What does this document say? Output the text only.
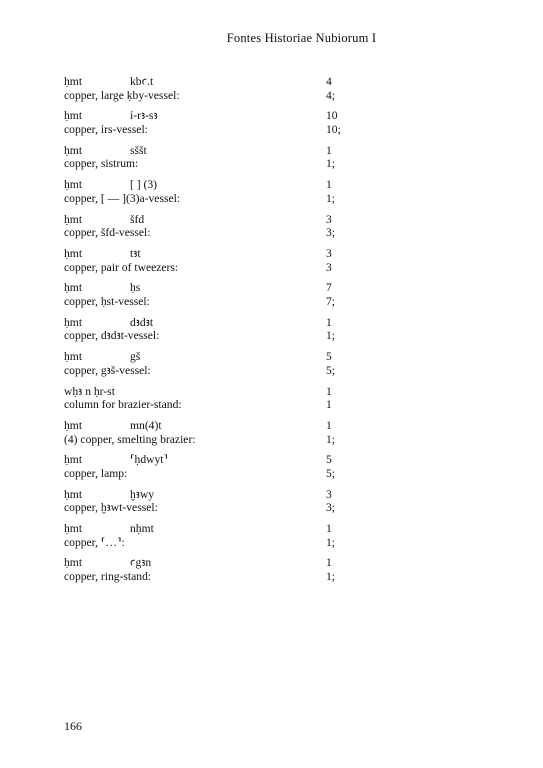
Fontes Historiae Nubiorum I
ḥmt	kbꜥ.t	4
copper, large ḳby-vessel:	4;
ḥmt	ỉ-rꜣ-sꜣ	10
copper, ỉrs-vessel:	10;
ḥmt	sššt	1
copper, sistrum:	1;
ḥmt	[ ] (3)	1
copper, [ — ](3)a-vessel:	1;
ḥmt	šfd	3
copper, šfd-vessel:	3;
ḥmt	tꜣt	3
copper, pair of tweezers:	3
ḥmt	ḥs	7
copper, ḥst-vessel:	7;
ḥmt	dꜣdꜣt	1
copper, dꜣdꜣt-vessel:	1;
ḥmt	gš	5
copper, gꜣš-vessel:	5;
wḥꜣ n ḥr-st	1
column for brazier-stand:	1
ḥmt	mn(4)t	1
(4) copper, smelting brazier:	1;
ḥmt	⸢ḥdwyt⸣	5
copper, lamp:	5;
ḥmt	ḫꜣwy	3
copper, ḫꜣwt-vessel:	3;
ḥmt	nḥmt	1
copper, ⸢…⸣:	1;
ḥmt	ꜥgꜣn	1
copper, ring-stand:	1;
166
